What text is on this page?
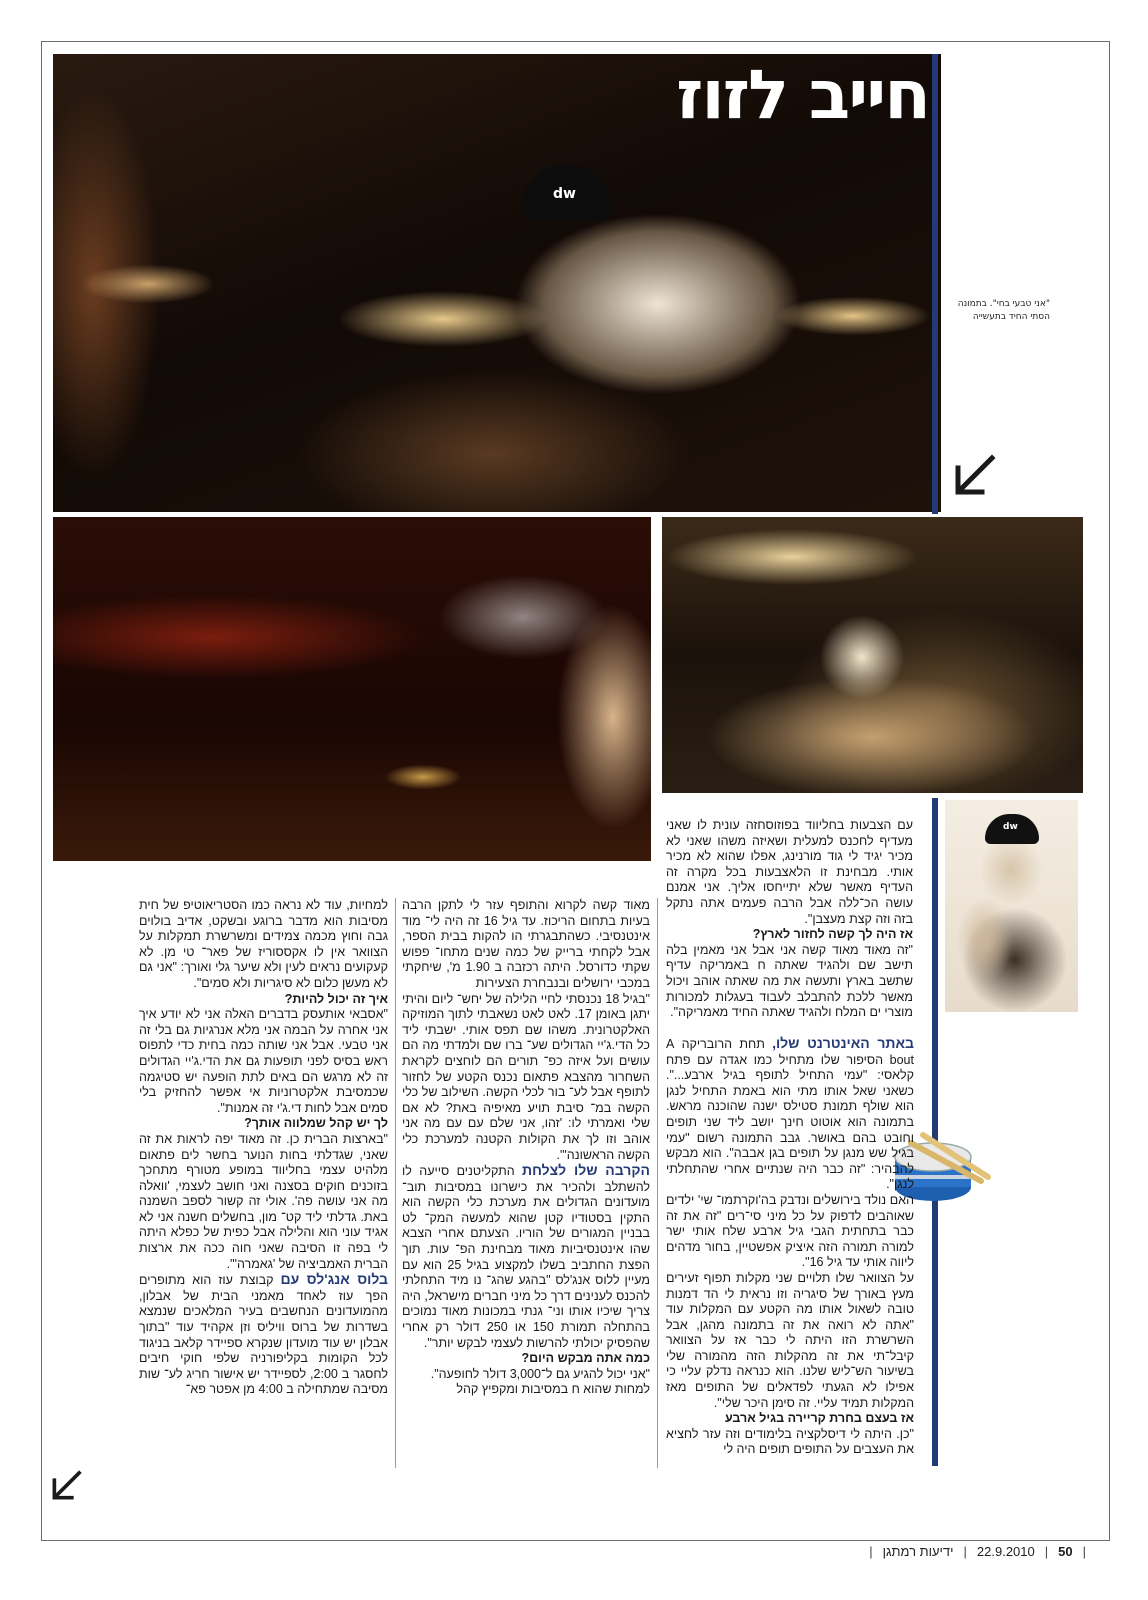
dw
חייב לזוז
"אני טבעי בחי". בתמונה הסתי החיד בתעשייה
dw

עם הצבעות בחליווד בפוזוסחזה עונית לו שאני מעדיף לחכנס למעלית ושאיזה משהו שאני לא מכיר יגיד לי גוד מורנינג, אפלו שהוא לא מכיר אותי. מבחינת זו הלאצבעות בכל מקרה זה העדיף מאשר שלא יתייחסו אליך. אני אמנם עושה הכ־ללה אבל הרבה פעמים אתה נתקל בזה וזה קצת מעצבן".

אז היה לך קשה לחזור לארץ?

"זה מאוד מאוד קשה אני אבל אני מאמין בלה תישב שם ולהגיד שאתה ח באמריקה עדיף שתשב בארץ ותעשה את מה שאתה אוהב ויכול מאשר ללכת להתבלב לעבוד בעגלות למכורות מוצרי ים המלח ולהגיד שאתה החיד מאמריקה".

באתר האינטרנט שלו, תחת הרובריקה A bout הסיפור שלו מתחיל כמו אגדה עם פתח קלאסי: "עמי התחיל לתופף בגיל ארבע...". כשאני שאל אותו מתי הוא באמת התחיל לנגן הוא שולף תמונת סטילס ישנה שהוכנה מראש. בתמונה הוא אוטוט חינך יושב ליד שני תופים וחובט בהם באושר. גבב התמונה רשום "עמי בגיל שש מנגן על תופים בגן אבבה". הוא מבקש להבהיר: "זה כבר היה שנתיים אחרי שהתחלתי לנגן".

האם נולד בירושלים ונדבק בה'וקרתמו־ שי' ילדים שאוהבים לדפוק על כל מיני סי־רים "זה את זה כבר בתחתית הגבי גיל ארבע שלח אותי ישר למורה תמורה הזה איציק אפשטיין, בחור מדהים ליווה אותי עד גיל 16".

על הצוואר שלו תלויים שני מקלות תפוף זעירים מעץ באורך של סיגריה וזו נראית לי הד דמנות טובה לשאול אותו מה הקטע עם המקלות עוד "אתה לא רואה את זה בתמונה מהגן, אבל השרשרת הזו היתה לי כבר אז על הצוואר קיבל־תי את זה מהקלות הזה מהמורה שלי בשיעור הש־ליש שלנו. הוא כנראה נדלק עליי כי אפילו לא הגעתי לפדאלים של התופים מאז המקלות תמיד עליי. זה סימן היכר שלי".

אז בעצם בחרת קריירה בגיל ארבע

"כן. היתה לי דיסלקציה בלימודים וזה עזר לחציא את העצבים על התופים תופים היה לי

מאוד קשה לקרוא והתופף עזר לי לתקן הרבה בעיות בתחום הריכוז. עד גיל 16 זה היה לי־ מוד אינטנסיבי. כשהתבגרתי הו להקות בבית הספר, אבל לקחתי ברייק של כמה שנים מתחו־ פפוש שקתי כדורסל. היתה רכזבה ב 1.90 מ', שיחקתי במכבי ירושלים ובנבחרת הצעירות

"בגיל 18 נכנסתי לחיי הלילה של יחש־ ליום והיתי יתגן באומן 17. לאט לאט נשאבתי לתוך המוזיקה האלקטרונית. משהו שם תפס אותי. ישבתי ליד כל הדי.ג'יי הגדולים שע־ ברו שם ולמדתי מה הם עושים ועל איזה כפ־ תורים הם לוחצים לקראת השחרור מהצבא פתאום נכנס הקטע של לחזור לתופף אבל לע־ בור לכלי הקשה. השילוב של כלי הקשה במ־ סיבת תויע מאיפיה באת? לא אם שלי ואמרתי לו: 'זהו, אני שלם עם עם מה אני אוהב וזו לך את הקולות הקטנה למערכת כלי הקשה הראשונה'".

הקרבה שלו לצלחת התקליטנים סייעה לו להשתלב ולהכיר את כישרונו במסיבות תוב־ מועדונים הגדולים את מערכת כלי הקשה הוא התקין בסטודיו קטן שהוא למעשה המק־ לט בבניין המגורים של הוריו. הצעתם אחרי הצבא שהו אינטנסיביות מאוד מבחינת הפ־ עות. תוך הפצת החתביב בשלו למקצוע בגיל 25 הוא עם מעיין ללוס אנג'לס "בהגע שהג־ נו מיד התחלתי להכנס לענינים דרך כל מיני חברים מישראל, היה צריך שיכיו אותו וני־ גנתי במכונות מאוד נמוכים בהתחלה תמורת 150 או 250 דולר רק אחרי שהפסיק יכולתי להרשות לעצמי לבקש יותר".

כמה אתה מבקש היום?

"אני יכול להגיע גם ל־3,000 דולר לחופעה".

למחות שהוא ח במסיבות ומקפיץ קהל

למחיות, עוד לא נראה כמו הסטריאוטיפ של חית מסיבות הוא מדבר ברוגע ובשקט, אדיב בולוים גבה וחוץ מכמה צמידים ומשרשרת תמקלות על הצוואר אין לו אקססוריז של פאר־ טי מן. לא קעקועים נראים לעין ולא שיער גלי ואורך: "אני גם לא מעשן כלום לא סיגריות ולא סמים".

איך זה יכול להיות?

"אסבאי אותעסק בדברים האלה אני לא יודע איך אני אחרה על הבמה אני מלא אנרגיות גם בלי זה אני טבעי. אבל אני שותה כמה בחית כדי לתפוס ראש בסיס לפני תופעות גם את הדי.ג'יי הגדולים זה לא מרגש הם באים לתת הופעה יש סטיגמה שכמסיבת אלקטרוניות אי אפשר להחזיק בלי סמים אבל לחות די.ג'י זה אמנות".

לך יש קהל שמלווה אותך?

"בארצות הברית כן. זה מאוד יפה לראות את זה שאני, שגדלתי בחות הנוער בחשר לים פתאום מלהיט עצמי בחליווד במופע מטורף מתחכך בזוכנים חוקים בסצנה ואני חושב לעצמי, 'וואלה מה אני עושה פה'. אולי זה קשור לספב השמנה באת. גדלתי ליד קט־ מון, בחשלים חשנה אני לא אגיד עוני הוא והלילה אבל כפית של כפלא היתה לי בפה זו הסיבה שאני חוה ככה את ארצות הברית האמביציה של 'גאמרה'".

בלוס אנג'לס עם קבוצת עוז הוא מתופרים הפך עוז לאחד מאמני הבית של אבלון, מהמועדונים הנחשבים בעיר המלאכים שנמצא בשדרות של ברוס וויליס וזן אקהיד עוד "בתוך אבלון יש עוד מועדון שנקרא ספיידר קלאב בניגוד לכל הקומות בקליפורניה שלפי חוקי חיבים לחסגר ב 2:00, לספיידר יש אישור חריג לע־ שות מסיבה שמתחילה ב 4:00 מן אפטר פא־

| ידיעות רמתגן | 22.9.2010 | 50 |
